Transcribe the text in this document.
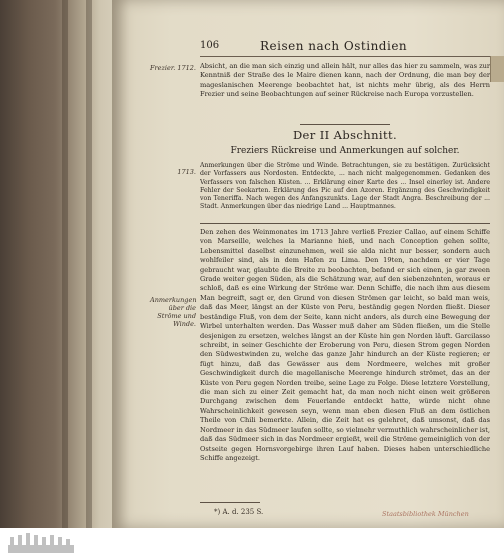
106	Reisen nach Ostindien
Frezier. 1712. Absicht, an die man sich einzig und allein hält, nur alles das hier zu sammeln, was zur Kenntniß der Straße des le Maire dienen kann, nach der Ordnung, die man bey der mageslanischen Meerenge beobachtet hat, ist nichts mehr übrig, als des Herrn Frezier und seine Beobachtungen auf seiner Rückreise nach Europa vorzustellen.
Der II Abschnitt.
Freziers Rückreise und Anmerkungen auf solcher.
1713.
Anmerkungen über die Ströme und Winde. Betrachtungen, sie zu bestätigen. Zurücksicht der Vorfassers aus Nordosten. Entdeckte, ... nach nicht malgegenommen. Gedanken des Verfassers von falschen Küsten. ... Erklärung einer Karte des ... Insel einerley ist. Andere Fehler der Seekarten. Erklärung des Pic auf den Azoren. Ergänzung des Geschwindigkeit von Teneriffa. Nach wegen des Anfangszunkts. Lage der Stadt Angra. Beschreibung der ... Stadt. Anmerkungen über das niedrige Land ... Hauptmannes.
Den zehen des Weinmonates im 1713 Jahre verließ Frezier Callao, auf einem Schiffe von Marseille, welches la Marianne hieß, und nach Conception gehen sollte, Lebensmittel daselbst einzunehmen, weil sie alda nicht nur besser, sondern auch wohlfeiler sind, als in dem Hafen zu Lima. Den 19ten, nachdem er vier Tage gebraucht war, glaubte die Breite zu beobachten, befand er sich einen, ja gar zween Grade weiter gegen Süden, als die Schätzung war, auf den siebenzehnten, woraus er schloß, daß es eine Wirkung der Ströme war. Denn Schiffe, die nach ihm aus diesem
Anmerkungen über die Ströme und Winde.
Man begreift, sagt er, den Grund von diesen Strömen gar leicht, so bald man weis, daß das Meer, längst an der Küste von Peru, beständig gegen Norden fließt. Dieser beständige Fluß, von dem der Seite, kann nicht anders, als durch eine Bewegung der Wirbel unterhalten werden. Das Wasser muß daher am Süden fließen, um die Stelle desjenigen zu ersetzen, welches längst an der Küste hin gen Norden läuft. Garcilasso schreibt, in seiner Geschichte der Eroberung von Peru, diesen Strom gegen Norden den Südwestwinden zu, welche das ganze Jahr hindurch an der Küste regieren; er fügt hinzu, daß das Gewässer aus dem Nordmeere, welches mit großer Geschwindigkeit durch die magellanische Meerenge hindurch strömet, das an der Küste von Peru gegen Norden treibe, seine Lage zu Folge. Diese letztere Vorstellung, die man sich zu einer Zeit gemacht hat, da man noch nicht einen weit größeren Durchgang zwischen dem Feuerlande entdeckt hatte, würde nicht ohne Wahrscheinlichkeit gewesen seyn, wenn man eben diesen Fluß an dem östlichen Theile von Chili bemerkte. Allein, die Zeit hat es gelehret, daß umsonst, daß das Nordmeer in das Südmeer laufen sollte, so vielmehr vermuthlich wahrscheinlicher ist, daß das Südmeer sich in das Nordmeer ergießt, weil die Ströme gemeiniglich von der Ostseite gegen Hornsvorgebirge ihren Lauf haben. Dieses haben unterschiedliche Schiffe angezeigt.
*) A. d. 235 S.	Staatsbibliothek München
